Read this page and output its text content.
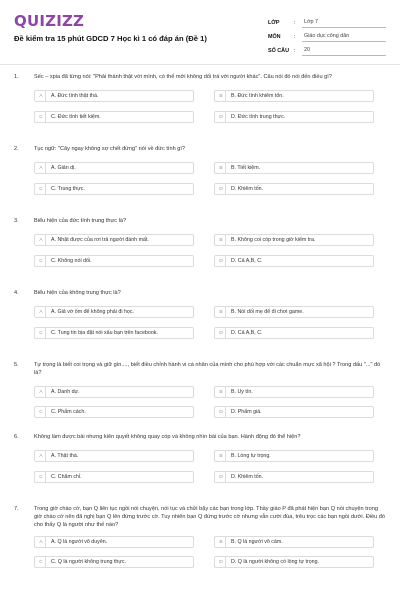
QUIZIZZ
Đề kiểm tra 15 phút GDCD 7 Học kì 1 có đáp án (Đề 1)
LỚP	:	Lớp 7
MÔN	:	Giáo dục công dân
SỐ CÂU :	20
1.	Sếc – xpia đã từng nói: "Phải thành thật với mình, có thế mới không dối trá với người khác". Câu nói đó nói đến điều gì?
A	A. Đức tính thật thà.	B	B. Đức tính khiêm tốn.
C	C. Đức tính tiết kiệm.	D	D. Đức tính trung thực.
2.	Tục ngữ: "Cây ngay không sợ chết đứng" nói về đức tính gì?
A	A. Giản dị.	B	B. Tiết kiệm.
C	C. Trung thực.	D	D. Khiêm tốn.
3.	Biểu hiện của đức tính trung thực là?
A	A. Nhặt được của rơi trả người đánh mất.	B	B. Không coi cóp trong giờ kiểm tra.
C	C. Không nói dối.	D	D. Cả A,B, C.
4.	Biểu hiện của không trung thực là?
A	A. Giả vờ ốm để không phải đi học.	B	B. Nói dối mẹ để đi chơi game.
C	C. Tung tin bịa đặt nói xấu bạn trên facebook.	D	D. Cả A,B, C.
5.	Tự trọng là biết coi trọng và giữ gìn...., biết điều chỉnh hành vi cá nhân của mình cho phù hợp với các chuẩn mực xã hội ? Trong dấu "..." đó là?
A	A. Danh dự.	B	B. Uy tín.
C	C. Phẩm cách.	D	D. Phẩm giá.
6.	Không làm được bài nhưng kiên quyết không quay cóp và không nhìn bài của bạn. Hành động đó thể hiện?
A	A. Thật thà.	B	B. Lòng tự trọng.
C	C. Chăm chỉ.	D	D. Khiêm tốn.
7.	Trong giờ chào cờ, bạn Q liên tục ngồi nói chuyện, nói tục và chửi bậy các bạn trong lớp. Thầy giáo P đã phát hiện bạn Q nói chuyện trong giờ chào cờ nên đã nghị bạn Q lên đứng trước cờ. Tuy nhiên bạn Q đứng trước cờ nhưng vẫn cười đùa, trêu trọc các bạn ngồi dưới. Điều đó cho thấy Q là người như thế nào?
A	A. Q là người vô duyên.	B	B. Q là người vô cảm.
C	C. Q là người không trung thực.	D	D. Q là người không có lòng tự trọng.
